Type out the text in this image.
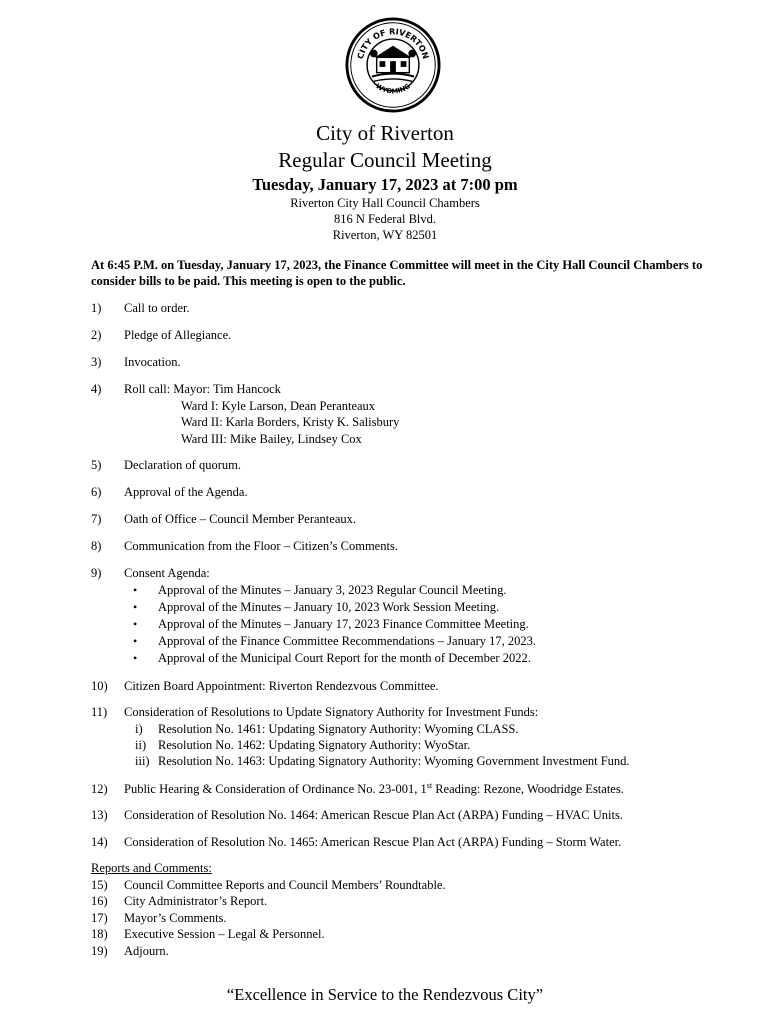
CITY OF RIVERTON
WYOMING
City of Riverton
Regular Council Meeting
Tuesday, January 17, 2023 at 7:00 pm
Riverton City Hall Council Chambers
816 N Federal Blvd.
Riverton, WY 82501
At 6:45 P.M. on Tuesday, January 17, 2023, the Finance Committee will meet in the City Hall Council Chambers to consider bills to be paid. This meeting is open to the public.
1) Call to order.
2) Pledge of Allegiance.
3) Invocation.
4) Roll call: Mayor: Tim Hancock
Ward I: Kyle Larson, Dean Peranteaux
Ward II: Karla Borders, Kristy K. Salisbury
Ward III: Mike Bailey, Lindsey Cox
5) Declaration of quorum.
6) Approval of the Agenda.
7) Oath of Office – Council Member Peranteaux.
8) Communication from the Floor – Citizen’s Comments.
9) Consent Agenda:
• Approval of the Minutes – January 3, 2023 Regular Council Meeting.
• Approval of the Minutes – January 10, 2023 Work Session Meeting.
• Approval of the Minutes – January 17, 2023 Finance Committee Meeting.
• Approval of the Finance Committee Recommendations – January 17, 2023.
• Approval of the Municipal Court Report for the month of December 2022.
10) Citizen Board Appointment: Riverton Rendezvous Committee.
11) Consideration of Resolutions to Update Signatory Authority for Investment Funds:
i) Resolution No. 1461: Updating Signatory Authority: Wyoming CLASS.
ii) Resolution No. 1462: Updating Signatory Authority: WyoStar.
iii) Resolution No. 1463: Updating Signatory Authority: Wyoming Government Investment Fund.
12) Public Hearing & Consideration of Ordinance No. 23-001, 1st Reading: Rezone, Woodridge Estates.
13) Consideration of Resolution No. 1464: American Rescue Plan Act (ARPA) Funding – HVAC Units.
14) Consideration of Resolution No. 1465: American Rescue Plan Act (ARPA) Funding – Storm Water.
Reports and Comments:
15) Council Committee Reports and Council Members’ Roundtable.
16) City Administrator’s Report.
17) Mayor’s Comments.
18) Executive Session – Legal & Personnel.
19) Adjourn.
“Excellence in Service to the Rendezvous City”
